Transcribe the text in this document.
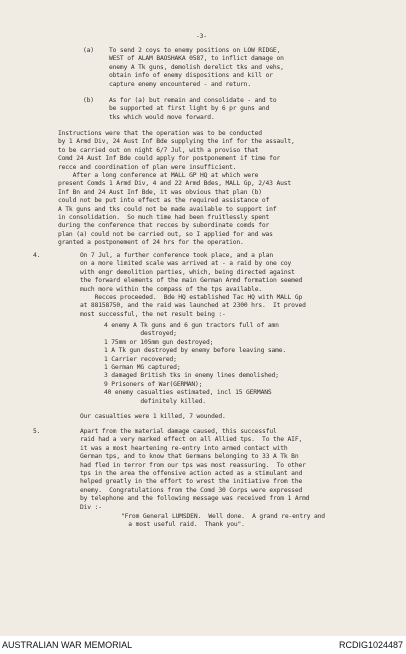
-3-
(a) To send 2 coys to enemy positions on LOW RIDGE,
WEST of ALAM BAOSHAKA 0587, to inflict damage on
enemy A Tk guns, demolish derelict tks and vehs,
obtain info of enemy dispositions and kill or
capture enemy encountered - and return.
(b) As for (a) but remain and consolidate - and to
be supported at first light by 6 pr guns and
tks which would move forward.
Instructions were that the operation was to be conducted
by 1 Armd Div, 24 Aust Inf Bde supplying the inf for the assault,
to be carried out on night 6/7 Jul, with a proviso that
Comd 24 Aust Inf Bde could apply for postponement if time for
recce and coordination of plan were insufficient.
After a long conference at MALL GP HQ at which were
present Comds 1 Armd Div, 4 and 22 Armd Bdes, MALL Gp, 2/43 Aust
Inf Bn and 24 Aust Inf Bde, it was obvious that plan (b)
could not be put into effect as the required assistance of
A Tk guns and tks could not be made available to support inf
in consolidation.  So much time had been fruitlessly spent
during the conference that recces by subordinate comds for
plan (a) could not be carried out, so I applied for and was
granted a postponement of 24 hrs for the operation.
4.	On 7 Jul, a further conference took place, and a plan
on a more limited scale was arrived at - a raid by one coy
with engr demolition parties, which, being directed against
the forward elements of the main German Armd formation seemed
much more within the compass of the tps available.
Recces proceeded.  Bde HQ established Tac HQ with MALL Gp
at 88158750, and the raid was launched at 2300 hrs.  It proved
most successful, the net result being :-
4 enemy A Tk guns and 6 gun tractors full of amn
destroyed;
1 75mm or 105mm gun destroyed;
1 A Tk gun destroyed by enemy before leaving same.
1 Carrier recovered;
1 German MG captured;
3 damaged British tks in enemy lines demolished;
9 Prisoners of War(GERMAN);
40 enemy casualties estimated, incl 15 GERMANS
definitely killed.
Our casualties were 1 killed, 7 wounded.
5.	Apart from the material damage caused, this successful
raid had a very marked effect on all Allied tps.  To the AIF,
it was a most heartening re-entry into armed contact with
German tps, and to know that Germans belonging to 33 A Tk Bn
had fled in terror from our tps was most reassuring.  To other
tps in the area the offensive action acted as a stimulant and
helped greatly in the effort to wrest the initiative from the
enemy.  Congratulations from the Comd 30 Corps were expressed
by telephone and the following message was received from 1 Armd
Div :-
"From General LUMSDEN.  Well done.  A grand re-entry and
a most useful raid.  Thank you".
AUSTRALIAN WAR MEMORIAL	RCDIG1024487
